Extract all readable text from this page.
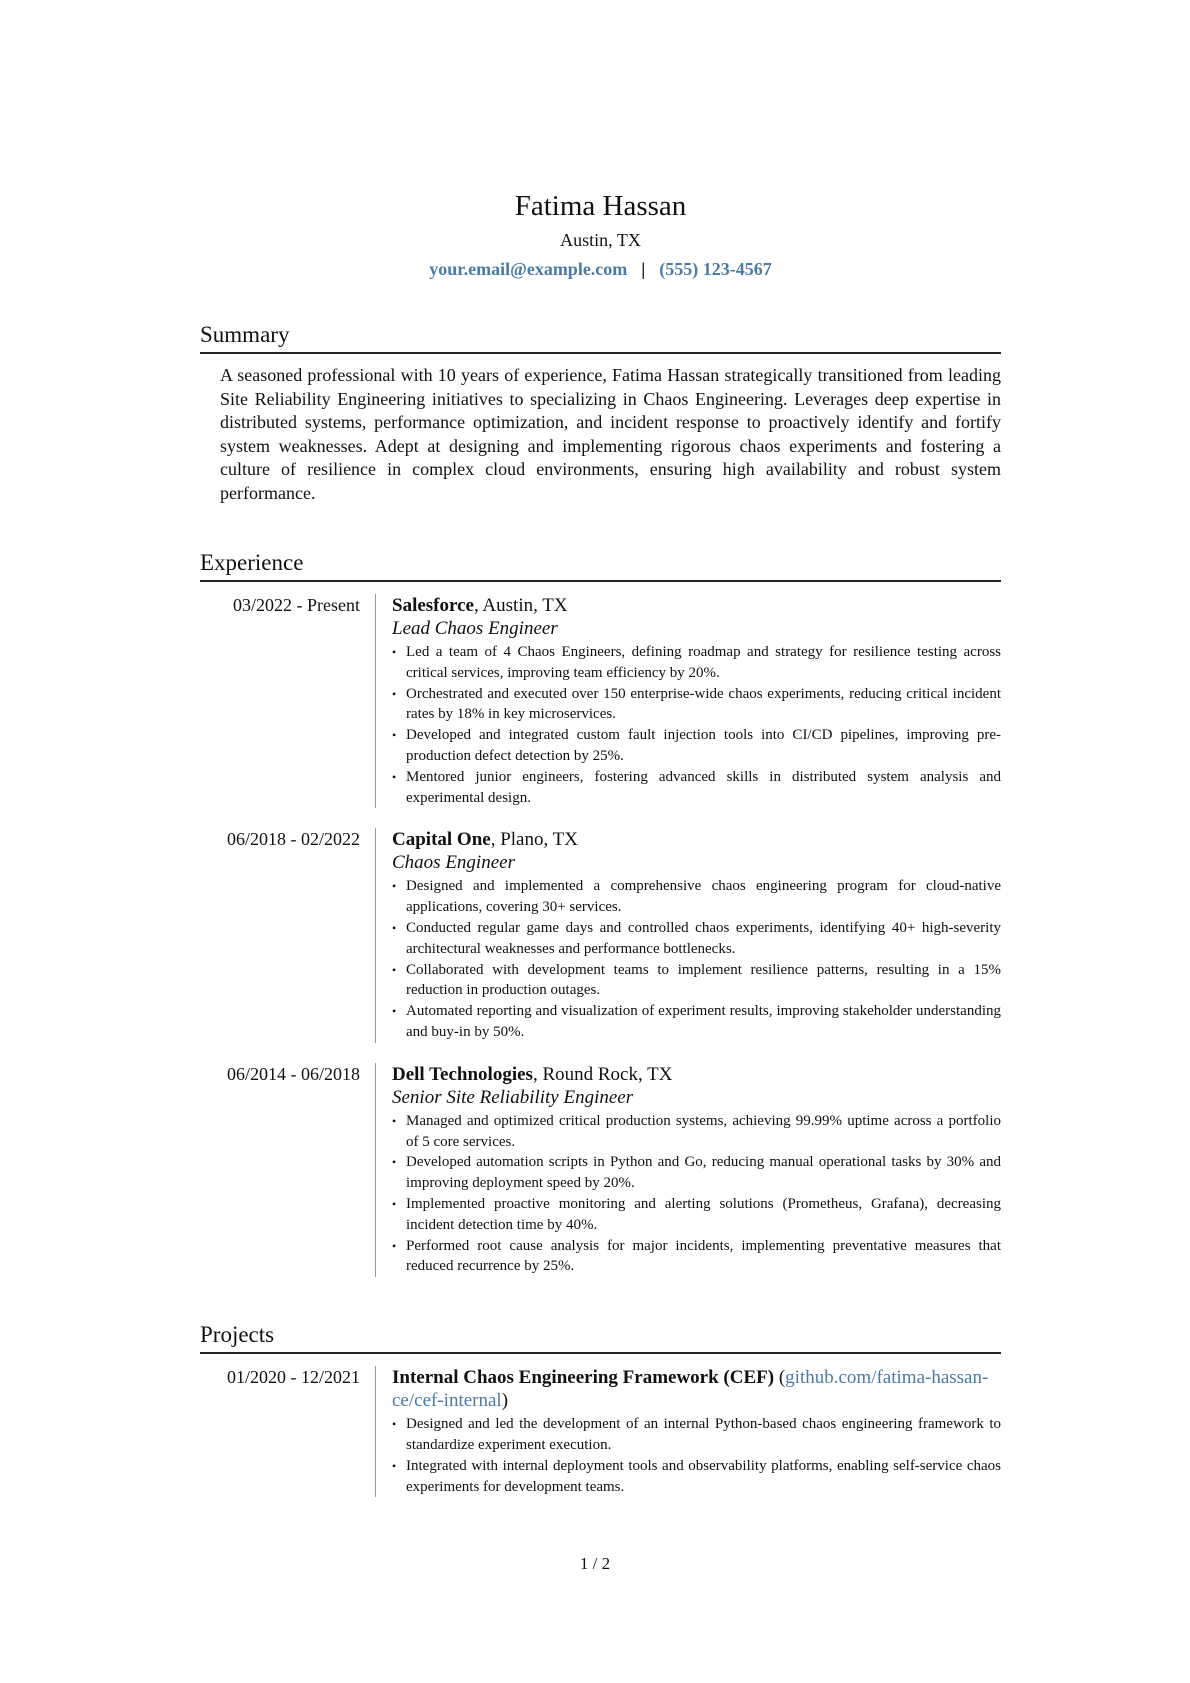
Fatima Hassan
Austin, TX
your.email@example.com | (555) 123-4567
Summary

A seasoned professional with 10 years of experience, Fatima Hassan strategically transitioned from leading Site Reliability Engineering initiatives to specializing in Chaos Engineering. Leverages deep expertise in distributed systems, performance optimization, and incident response to proactively identify and fortify system weaknesses. Adept at designing and implementing rigorous chaos experiments and fostering a culture of resilience in complex cloud environments, ensuring high availability and robust system performance.

Experience
03/2022 - Present	Salesforce, Austin, TX
Lead Chaos Engineer
• Led a team of 4 Chaos Engineers, defining roadmap and strategy for resilience testing across critical services, improving team efficiency by 20%.
• Orchestrated and executed over 150 enterprise-wide chaos experiments, reducing critical incident rates by 18% in key microservices.
• Developed and integrated custom fault injection tools into CI/CD pipelines, improving pre-production defect detection by 25%.
• Mentored junior engineers, fostering advanced skills in distributed system analysis and experimental design.
06/2018 - 02/2022	Capital One, Plano, TX
Chaos Engineer
• Designed and implemented a comprehensive chaos engineering program for cloud-native applications, covering 30+ services.
• Conducted regular game days and controlled chaos experiments, identifying 40+ high-severity architectural weaknesses and performance bottlenecks.
• Collaborated with development teams to implement resilience patterns, resulting in a 15% reduction in production outages.
• Automated reporting and visualization of experiment results, improving stakeholder understanding and buy-in by 50%.
06/2014 - 06/2018	Dell Technologies, Round Rock, TX
Senior Site Reliability Engineer
• Managed and optimized critical production systems, achieving 99.99% uptime across a portfolio of 5 core services.
• Developed automation scripts in Python and Go, reducing manual operational tasks by 30% and improving deployment speed by 20%.
• Implemented proactive monitoring and alerting solutions (Prometheus, Grafana), decreasing incident detection time by 40%.
• Performed root cause analysis for major incidents, implementing preventative measures that reduced recurrence by 25%.
Projects
01/2020 - 12/2021	Internal Chaos Engineering Framework (CEF) (github.com/fatima-hassan-ce/cef-internal)
• Designed and led the development of an internal Python-based chaos engineering framework to standardize experiment execution.
• Integrated with internal deployment tools and observability platforms, enabling self-service chaos experiments for development teams.
1 / 2
